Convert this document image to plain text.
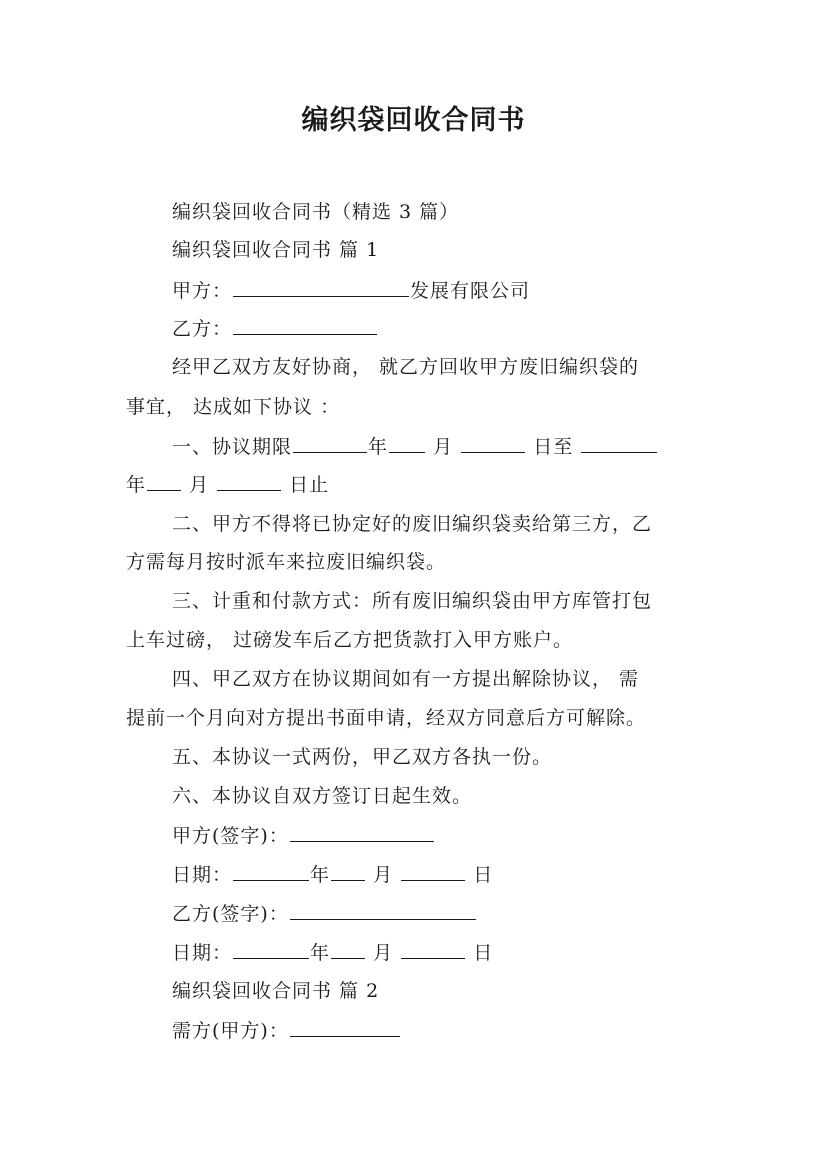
编织袋回收合同书
编织袋回收合同书（精选 3 篇）
编织袋回收合同书 篇 1
甲方：	发展有限公司
乙方：
经甲乙双方友好协商， 就乙方回收甲方废旧编织袋的
事宜， 达成如下协议 ：
一、协议期限	年 月	日至
年 月	日止
二、甲方不得将已协定好的废旧编织袋卖给第三方，乙
方需每月按时派车来拉废旧编织袋。
三、计重和付款方式：所有废旧编织袋由甲方库管打包
上车过磅， 过磅发车后乙方把货款打入甲方账户。
四、甲乙双方在协议期间如有一方提出解除协议， 需
提前一个月向对方提出书面申请，经双方同意后方可解除。
五、本协议一式两份，甲乙双方各执一份。
六、本协议自双方签订日起生效。
甲方(签字)：
日期：	年 月	日
乙方(签字)：
日期：	年 月	日
编织袋回收合同书 篇 2
需方(甲方)：
